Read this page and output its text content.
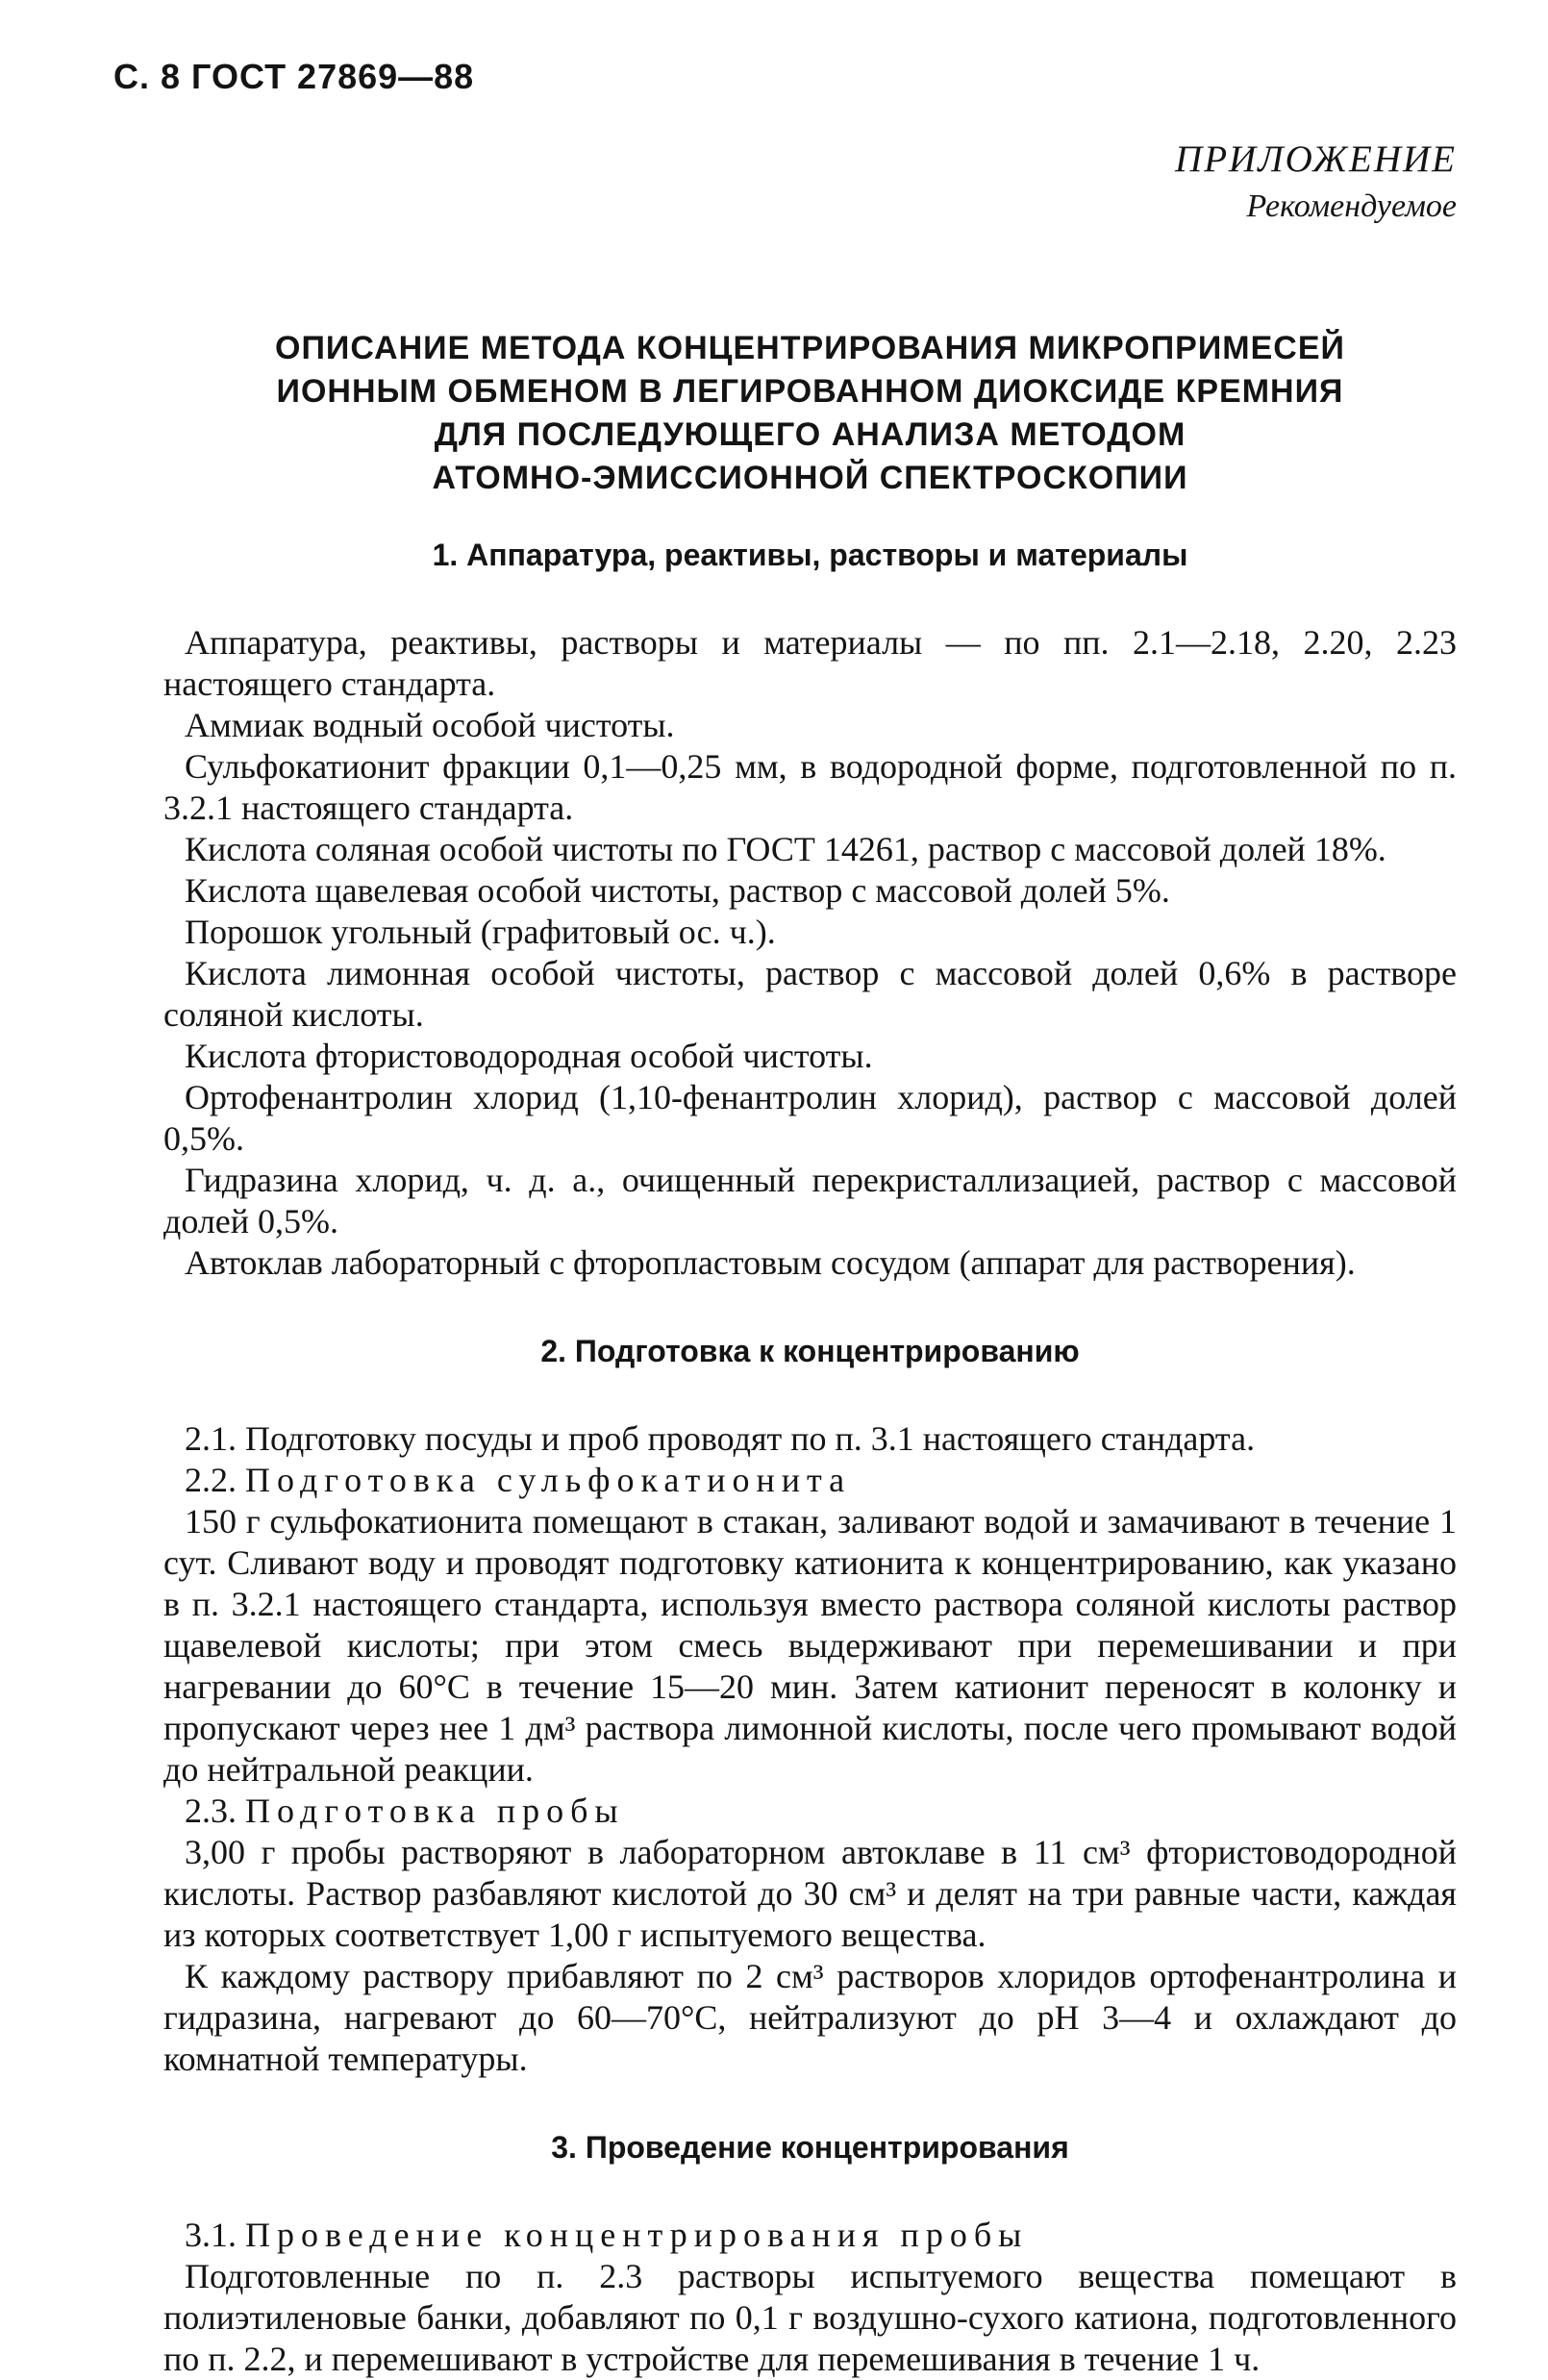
С. 8 ГОСТ 27869—88
ПРИЛОЖЕНИЕ
Рекомендуемое
ОПИСАНИЕ МЕТОДА КОНЦЕНТРИРОВАНИЯ МИКРОПРИМЕСЕЙ
ИОННЫМ ОБМЕНОМ В ЛЕГИРОВАННОМ ДИОКСИДЕ КРЕМНИЯ
ДЛЯ ПОСЛЕДУЮЩЕГО АНАЛИЗА МЕТОДОМ
АТОМНО-ЭМИССИОННОЙ СПЕКТРОСКОПИИ
1. Аппаратура, реактивы, растворы и материалы

Аппаратура, реактивы, растворы и материалы — по пп. 2.1—2.18, 2.20, 2.23 настоящего стандарта.

Аммиак водный особой чистоты.

Сульфокатионит фракции 0,1—0,25 мм, в водородной форме, подготовленной по п. 3.2.1 настоящего стандарта.

Кислота соляная особой чистоты по ГОСТ 14261, раствор с массовой долей 18%.

Кислота щавелевая особой чистоты, раствор с массовой долей 5%.

Порошок угольный (графитовый ос. ч.).

Кислота лимонная особой чистоты, раствор с массовой долей 0,6% в растворе соляной кислоты.

Кислота фтористоводородная особой чистоты.

Ортофенантролин хлорид (1,10-фенантролин хлорид), раствор с массовой долей 0,5%.

Гидразина хлорид, ч. д. а., очищенный перекристаллизацией, раствор с массовой долей 0,5%.

Автоклав лабораторный с фторопластовым сосудом (аппарат для растворения).

2. Подготовка к концентрированию

2.1. Подготовку посуды и проб проводят по п. 3.1 настоящего стандарта.

2.2. Подготовка сульфокатионита

150 г сульфокатионита помещают в стакан, заливают водой и замачивают в течение 1 сут. Сливают воду и проводят подготовку катионита к концентрированию, как указано в п. 3.2.1 настоящего стандарта, используя вместо раствора соляной кислоты раствор щавелевой кислоты; при этом смесь выдерживают при перемешивании и при нагревании до 60°С в течение 15—20 мин. Затем катионит переносят в колонку и пропускают через нее 1 дм³ раствора лимонной кислоты, после чего промывают водой до нейтральной реакции.

2.3. Подготовка пробы

3,00 г пробы растворяют в лабораторном автоклаве в 11 см³ фтористоводородной кислоты. Раствор разбавляют кислотой до 30 см³ и делят на три равные части, каждая из которых соответствует 1,00 г испытуемого вещества.

К каждому раствору прибавляют по 2 см³ растворов хлоридов ортофенантролина и гидразина, нагревают до 60—70°С, нейтрализуют до рН 3—4 и охлаждают до комнатной температуры.

3. Проведение концентрирования

3.1. Проведение концентрирования пробы

Подготовленные по п. 2.3 растворы испытуемого вещества помещают в полиэтиленовые банки, добавляют по 0,1 г воздушно-сухого катиона, подготовленного по п. 2.2, и перемешивают в устройстве для перемешивания в течение 1 ч.
